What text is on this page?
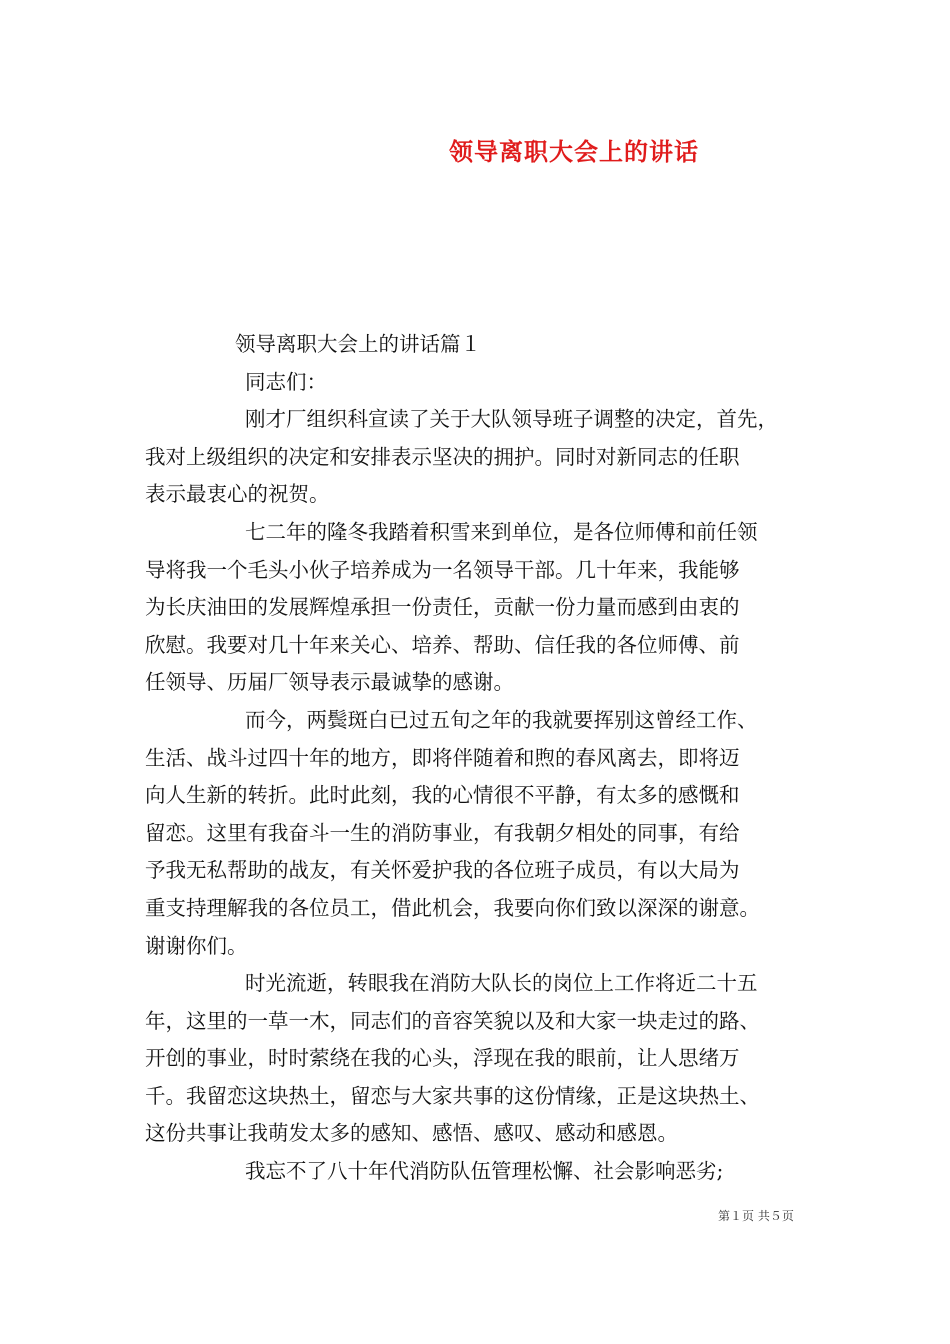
领导离职大会上的讲话

领导离职大会上的讲话篇１

同志们：

刚才厂组织科宣读了关于大队领导班子调整的决定，首先，
我对上级组织的决定和安排表示坚决的拥护。同时对新同志的任职
表示最衷心的祝贺。

七二年的隆冬我踏着积雪来到单位，是各位师傅和前任领
导将我一个毛头小伙子培养成为一名领导干部。几十年来，我能够
为长庆油田的发展辉煌承担一份责任，贡献一份力量而感到由衷的
欣慰。我要对几十年来关心、培养、帮助、信任我的各位师傅、前
任领导、历届厂领导表示最诚挚的感谢。

而今，两鬓斑白已过五旬之年的我就要挥别这曾经工作、
生活、战斗过四十年的地方，即将伴随着和煦的春风离去，即将迈
向人生新的转折。此时此刻，我的心情很不平静，有太多的感慨和
留恋。这里有我奋斗一生的消防事业，有我朝夕相处的同事，有给
予我无私帮助的战友，有关怀爱护我的各位班子成员，有以大局为
重支持理解我的各位员工，借此机会，我要向你们致以深深的谢意。
谢谢你们。

时光流逝，转眼我在消防大队长的岗位上工作将近二十五
年，这里的一草一木，同志们的音容笑貌以及和大家一块走过的路、
开创的事业，时时萦绕在我的心头，浮现在我的眼前，让人思绪万
千。我留恋这块热土，留恋与大家共事的这份情缘，正是这块热土、
这份共事让我萌发太多的感知、感悟、感叹、感动和感恩。

我忘不了八十年代消防队伍管理松懈、社会影响恶劣;

第１页 共５页
